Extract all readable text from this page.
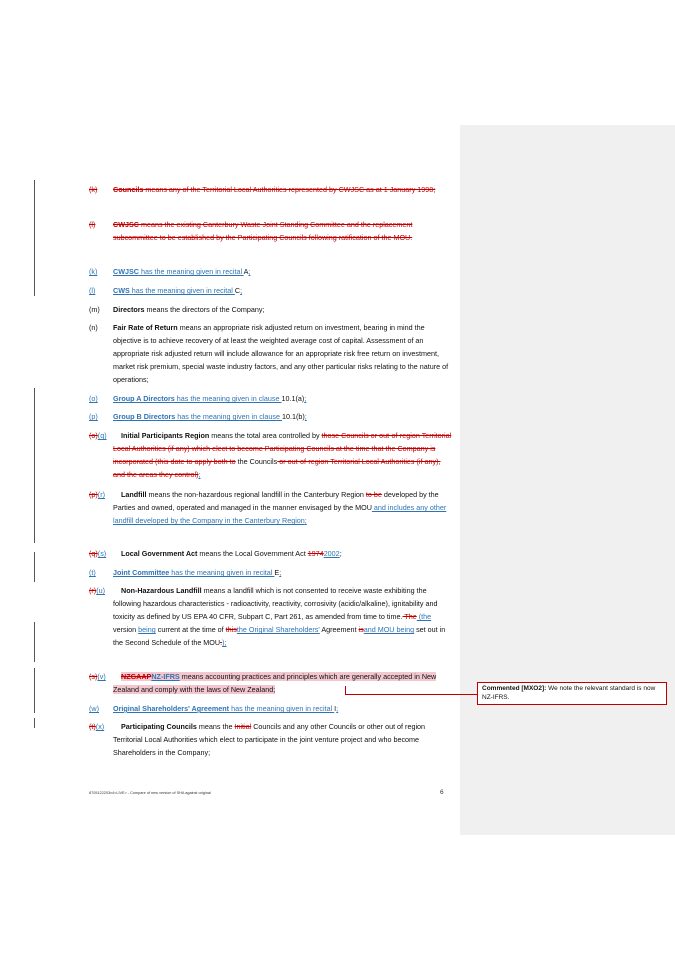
(k) Councils means any of the Territorial Local Authorities represented by CWJSC as at 1 January 1998;
(l) CWJSC means the existing Canterbury Waste Joint Standing Committee and the replacement subcommittee to be established by the Participating Councils following ratification of the MOU.
(k) CWJSC has the meaning given in recital A;
(l) CWS has the meaning given in recital C;
(m) Directors means the directors of the Company;
(n) Fair Rate of Return means an appropriate risk adjusted return on investment, bearing in mind the objective is to achieve recovery of at least the weighted average cost of capital. Assessment of an appropriate risk adjusted return will include allowance for an appropriate risk free return on investment, market risk premium, special waste industry factors, and any other particular risks relating to the nature of operations;
(o) Group A Directors has the meaning given in clause 10.1(a);
(p) Group B Directors has the meaning given in clause 10.1(b);
(o)(q)	Initial Participants Region means the total area controlled by those Councils or out-of-region Territorial Local Authorities (if any) which elect to become Participating Councils at the time that the Company is incorporated (this date to apply both to the Councils or out-of-region Territorial Local Authorities (if any), and the areas they control);
(p)(r)	Landfill means the non-hazardous regional landfill in the Canterbury Region to be developed by the Parties and owned, operated and managed in the manner envisaged by the MOU and includes any other landfill developed by the Company in the Canterbury Region;
(q)(s)	Local Government Act means the Local Government Act 19742002;
(t) Joint Committee has the meaning given in recital E;
(r)(u)	Non-Hazardous Landfill means a landfill which is not consented to receive waste exhibiting the following hazardous characteristics - radioactivity, reactivity, corrosivity (acidic/alkaline), ignitability and toxicity as defined by US EPA 40 CFR, Subpart C, Part 261, as amended from time to time. The (the version being current at the time of thisthe Original Shareholders' Agreement isand MOU being set out in the Second Schedule of the MOU.);
(s)(v)	NZGAAPNZ-IFRS means accounting practices and principles which are generally accepted in New Zealand and comply with the laws of New Zealand;
(w) Original Shareholders' Agreement has the meaning given in recital I;
(t)(x)	Participating Councils means the Initial Councils and any other Councils or other out of region Territorial Local Authorities which elect to participate in the joint venture project and who become Shareholders in the Company;
8705122203v4<LIVE> - Compare of new version of SHA against original	6
Commented [MXO2]: We note the relevant standard is now NZ-IFRS.
